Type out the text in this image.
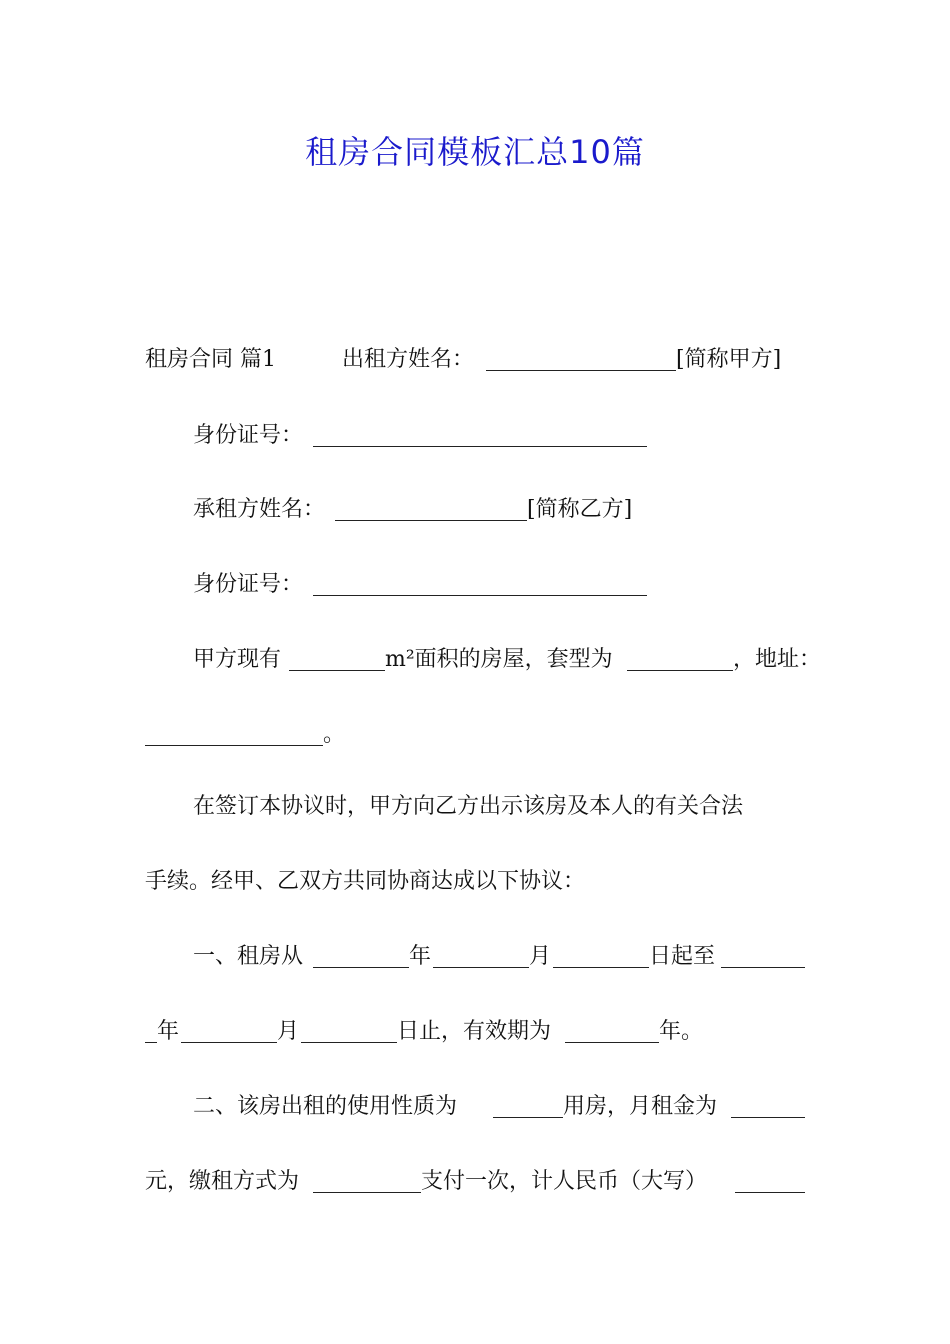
租房合同模板汇总10篇
租房合同 篇1	出租方姓名：	[简称甲方]
身份证号：
承租方姓名：	[简称乙方]
身份证号：
甲方现有	m²面积的房屋，套型为	，地址：
。
在签订本协议时，甲方向乙方出示该房及本人的有关合法
手续。经甲、乙双方共同协商达成以下协议：
一、租房从	年	月	日起至
年	月	日止，有效期为	年。
二、该房出租的使用性质为	用房，月租金为
元，缴租方式为	支付一次，计人民币（大写）
